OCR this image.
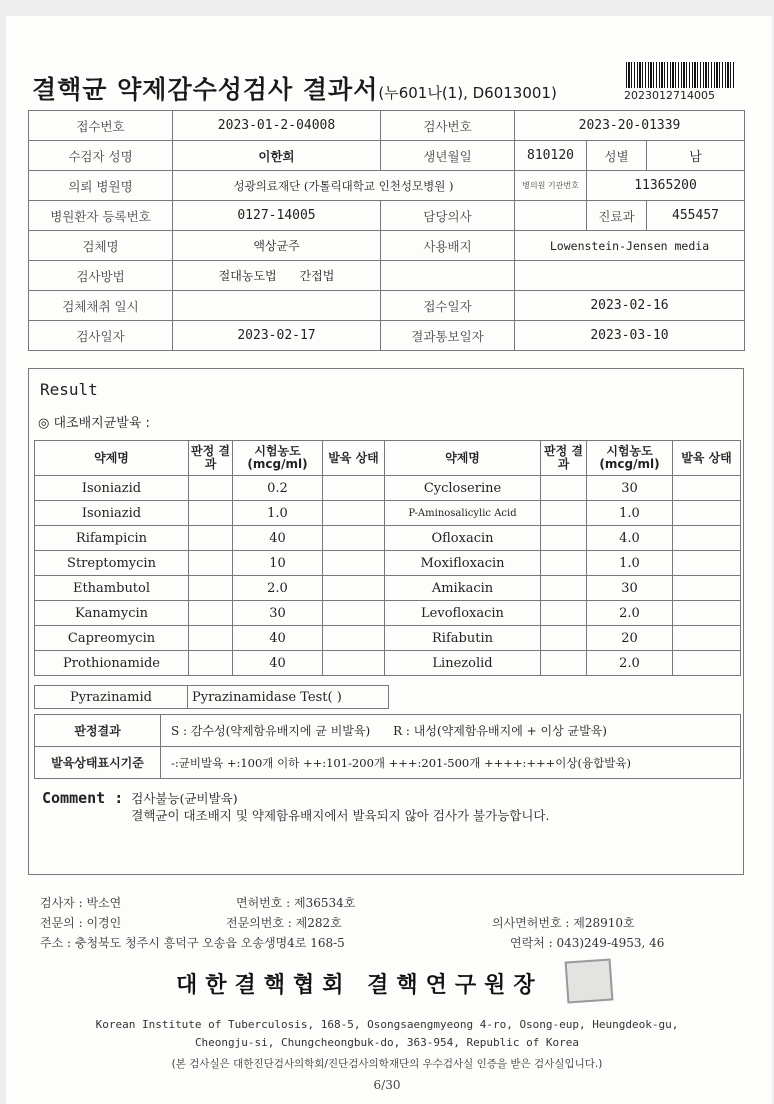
결핵균 약제감수성검사 결과서(누601나(1), D6013001)	2023012714005
접수번호	2023-01-2-04008	검사번호	2023-20-01339		
수검자 성명	이한희	생년월일	810120	성별	남
의뢰 병원명	성광의료재단 (가톨릭대학교 인천성모병원 )		병의원 기관번호	11365200	
병원환자 등록번호	0127-14005	담당의사		진료과	455457
검체명	액상균주	사용배지	Lowenstein-Jensen media		
검사방법	절대농도법 간접법				
검체채취 일시		접수일자	2023-02-16		
검사일자	2023-02-17	결과통보일자	2023-03-10		
Result
◎ 대조배지균발육 :
약제명	판정 결과	시험농도 (mcg/ml)	발육 상태	약제명	판정 결과	시험농도 (mcg/ml)	발육 상태
Isoniazid		0.2		Cycloserine		30	
Isoniazid		1.0		P-Aminosalicylic Acid		1.0	
Rifampicin		40		Ofloxacin		4.0	
Streptomycin		10		Moxifloxacin		1.0	
Ethambutol		2.0		Amikacin		30	
Kanamycin		30		Levofloxacin		2.0	
Capreomycin		40		Rifabutin		20	
Prothionamide		40		Linezolid		2.0	
Pyrazinamid	Pyrazinamidase Test( )
판정결과	S : 감수성(약제함유배지에 균 비발육) R : 내성(약제함유배지에 + 이상 균발육)
발육상태표시기준	-:균비발육 +:100개 이하 ++:101-200개 +++:201-500개 ++++:+++이상(융합발육)
Comment :	검사불능(균비발육)
결핵균이 대조배지 및 약제함유배지에서 발육되지 않아 검사가 불가능합니다.
검사자 : 박소연	면허번호 : 제36534호
전문의 : 이경인	전문의번호 : 제282호	의사면허번호 : 제28910호
주소 : 충청북도 청주시 흥덕구 오송읍 오송생명4로 168-5	연락처 : 043)249-4953, 46
대한결핵협회 결핵연구원장
Korean Institute of Tuberculosis, 168-5, Osongsaengmyeong 4-ro, Osong-eup, Heungdeok-gu,
Cheongju-si, Chungcheongbuk-do, 363-954, Republic of Korea
(본 검사실은 대한진단검사의학회/진단검사의학재단의 우수검사실 인증을 받은 검사실입니다.)
6/30
